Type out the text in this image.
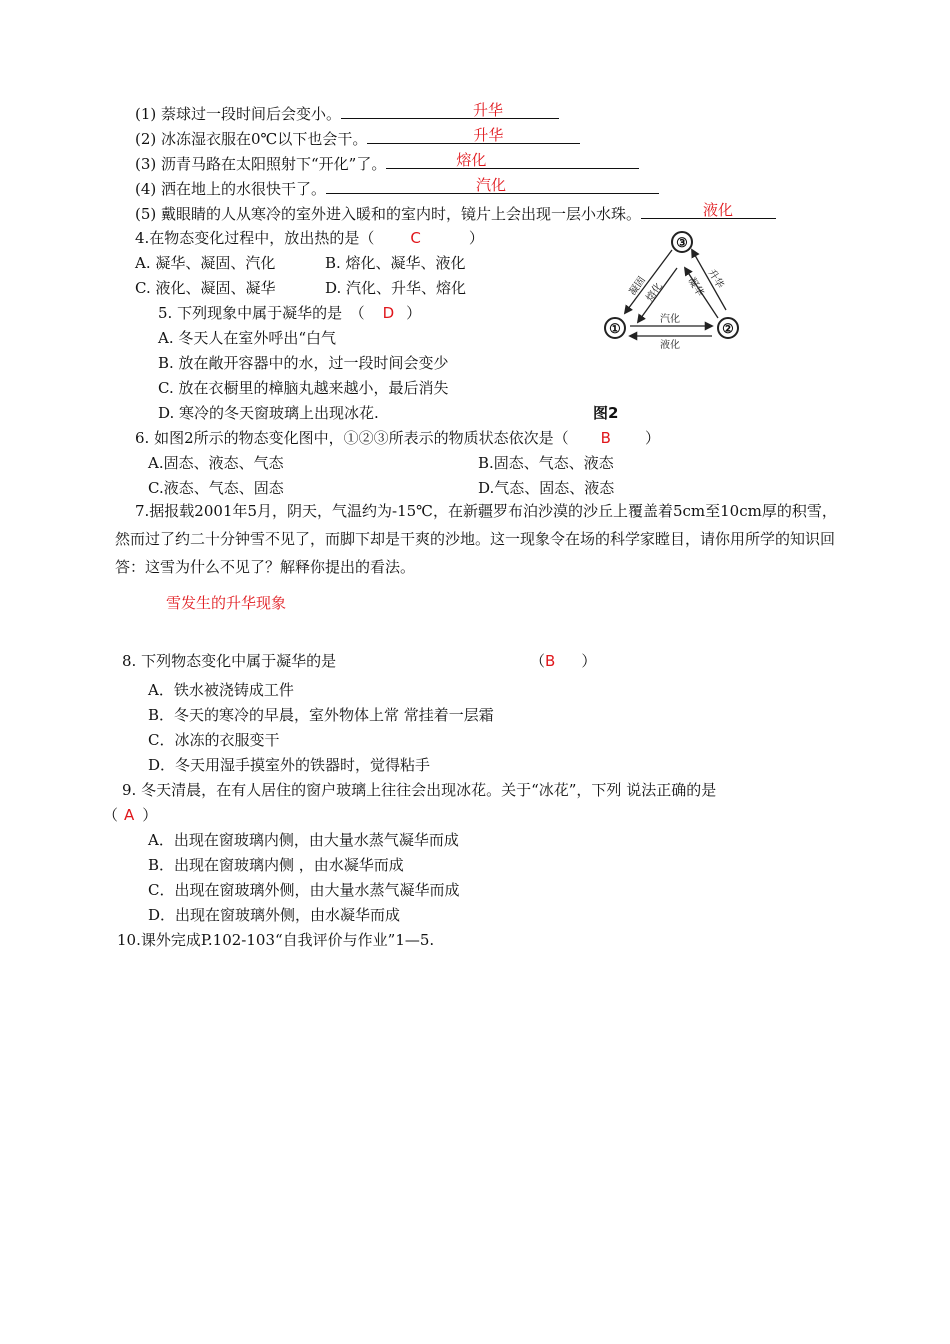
(1) 萘球过一段时间后会变小。	升华
(2) 冰冻湿衣服在0℃以下也会干。	升华
(3) 沥青马路在太阳照射下“开化”了。	熔化
(4) 洒在地上的水很快干了。	汽化
(5) 戴眼睛的人从寒冷的室外进入暖和的室内时，镜片上会出现一层小水珠。	液化
4.在物态变化过程中，放出热的是（ C	）
A. 凝华、凝固、汽化	B. 熔化、凝华、液化
C. 液化、凝固、凝华	D. 汽化、升华、熔化
5. 下列现象中属于凝华的是　（ D ）
A. 冬天人在室外呼出“白气
B. 放在敞开容器中的水，过一段时间会变少
C. 放在衣橱里的樟脑丸越来越小，最后消失
D. 寒冷的冬天窗玻璃上出现冰花.
凝固
熔化 凝华 升华
汽化
液化
③
①	②
图2
6. 如图2所示的物态变化图中，①②③所表示的物质状态依次是（ B ）
A.固态、液态、气态	B.固态、气态、液态
C.液态、气态、固态	D.气态、固态、液态
7.据报载2001年5月，阴天，气温约为-15℃，在新疆罗布泊沙漠的沙丘上覆盖着5cm至10cm厚的积雪，然而过了约二十分钟雪不见了，而脚下却是干爽的沙地。这一现象令在场的科学家瞠目，请你用所学的知识回答：这雪为什么不见了？解释你提出的看法。
雪发生的升华现象
8. 下列物态变化中属于凝华的是	（B ）
A．铁水被浇铸成工件
B．冬天的寒冷的早晨，室外物体上常 常挂着一层霜
C．冰冻的衣服变干
D．冬天用湿手摸室外的铁器时，觉得粘手
9. 冬天清晨，在有人居住的窗户玻璃上往往会出现冰花。关于“冰花”，下列 说法正确的是
（ A ）
A．出现在窗玻璃内侧，由大量水蒸气凝华而成
B．出现在窗玻璃内侧 ，由水凝华而成
C．出现在窗玻璃外侧，由大量水蒸气凝华而成
D．出现在窗玻璃外侧，由水凝华而成
10.课外完成P.102-103“自我评价与作业”1—5.
